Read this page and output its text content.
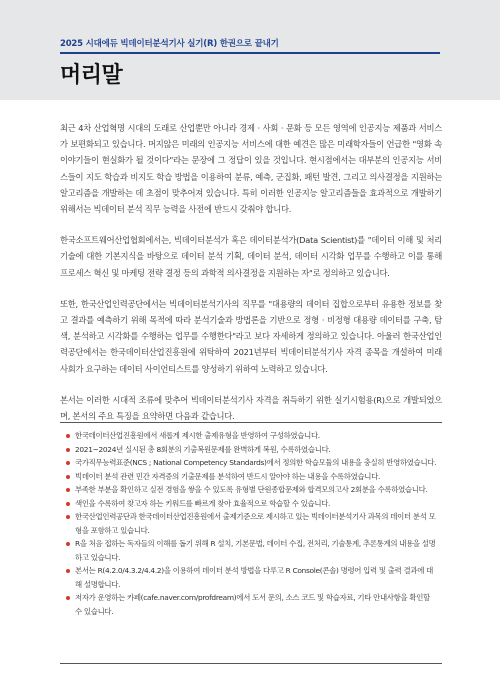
2025 시대에듀 빅데이터분석기사 실기(R) 한권으로 끝내기
머리말

최근 4차 산업혁명 시대의 도래로 산업뿐만 아니라 경제 · 사회 · 문화 등 모든 영역에 인공지능 제품과 서비스가 보편화되고 있습니다. 머지않은 미래의 인공지능 서비스에 대한 예견은 많은 미래학자들이 언급한 "영화 속 이야기들이 현실화가 될 것이다"라는 문장에 그 정답이 있을 것입니다. 현시점에서는 대부분의 인공지능 서비스들이 지도 학습과 비지도 학습 방법을 이용하여 분류, 예측, 군집화, 패턴 발견, 그리고 의사결정을 지원하는 알고리즘을 개발하는 데 초점이 맞추어져 있습니다. 특히 이러한 인공지능 알고리즘들을 효과적으로 개발하기 위해서는 빅데이터 분석 직무 능력을 사전에 반드시 갖춰야 합니다.

한국소프트웨어산업협회에서는, 빅데이터분석가 혹은 데이터분석가(Data Scientist)를 "데이터 이해 및 처리 기술에 대한 기본지식을 바탕으로 데이터 분석 기획, 데이터 분석, 데이터 시각화 업무를 수행하고 이를 통해 프로세스 혁신 및 마케팅 전략 결정 등의 과학적 의사결정을 지원하는 자"로 정의하고 있습니다.

또한, 한국산업인력공단에서는 빅데이터분석기사의 직무를 "대용량의 데이터 집합으로부터 유용한 정보를 찾고 결과를 예측하기 위해 목적에 따라 분석기술과 방법론을 기반으로 정형 · 비정형 대용량 데이터를 구축, 탐색, 분석하고 시각화를 수행하는 업무를 수행한다"라고 보다 자세하게 정의하고 있습니다. 아울러 한국산업인력공단에서는 한국데이터산업진흥원에 위탁하여 2021년부터 빅데이터분석기사 자격 종목을 개설하여 미래 사회가 요구하는 데이터 사이언티스트를 양성하기 위하여 노력하고 있습니다.

본서는 이러한 시대적 조류에 맞추어 빅데이터분석기사 자격을 취득하기 위한 실기시험용(R)으로 개발되었으며, 본서의 주요 특징을 요약하면 다음과 같습니다.

한국데이터산업진흥원에서 새롭게 제시한 출제유형을 반영하여 구성하였습니다.
2021~2024년 실시된 총 8회분의 기출복원문제를 완벽하게 복원, 수록하였습니다.
국가직무능력표준(NCS ; National Competency Standards)에서 정의한 학습모듈의 내용을 충실히 반영하였습니다.
빅데이터 분석 관련 민간 자격증의 기출문제를 분석하여 반드시 알아야 하는 내용을 수록하였습니다.
부족한 부분을 확인하고 실전 경험을 쌓을 수 있도록 유형별 단원종합문제와 합격모의고사 2회분을 수록하였습니다.
색인을 수록하여 찾고자 하는 키워드를 빠르게 찾아 효율적으로 학습할 수 있습니다.
한국산업인력공단과 한국데이터산업진흥원에서 출제기준으로 제시하고 있는 빅데이터분석기사 과목의 데이터 분석 모형을 포함하고 있습니다.
R을 처음 접하는 독자들의 이해를 돕기 위해 R 설치, 기본문법, 데이터 수집, 전처리, 기술통계, 추론통계의 내용을 설명하고 있습니다.
본서는 R(4.2.0/4.3.2/4.4.2)을 이용하여 데이터 분석 방법을 다루고 R Console(콘솔) 명령어 입력 및 출력 결과에 대해 설명합니다.
저자가 운영하는 카페(cafe.naver.com/profdream)에서 도서 문의, 소스 코드 및 학습자료, 기타 안내사항을 확인할 수 있습니다.
